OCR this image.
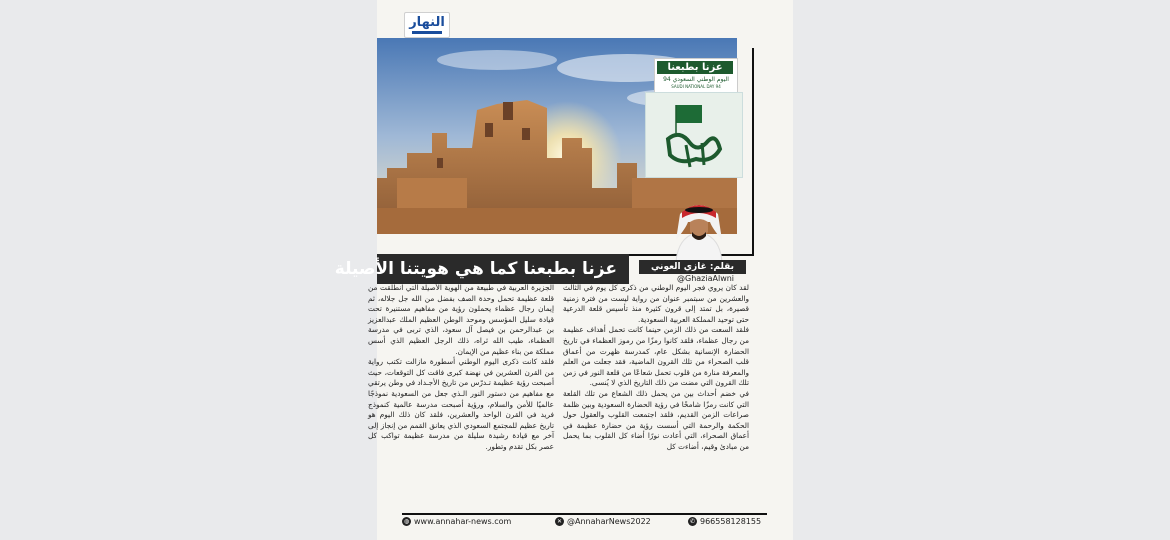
النهار
عزنا بطبعنا
اليوم الوطني السعودي 94
SAUDI NATIONAL DAY 94
عزنا بطبعنا كما هي هويتنا الأصيلة	بقلم: غازي العوني
@GhaziaAlwni

لقد كان يروي فجر اليوم الوطني من ذكرى كل يوم في الثالث والعشرين من سبتمبر عنوان من رواية ليست من فترة زمنية قصيرة، بل تمتد إلى قرون كثيرة منذ تأسيس قلعة الدرعية حتى توحيد المملكة العربية السعودية.

فلقد السعت من ذلك الزمن حينما كانت تحمل أهداف عظيمة من رجال عظماء، فلقد كانوا رمزًا من رموز العظماء في تاريخ الحضارة الإنسانية بشكل عام، كمدرسة ظهرت من أعماق قلب الصحراء من تلك القرون الماضية، فقد جعلت من العلم والمعرفة منارة من قلوب تحمل شعاعًا من قلعة النور في زمن تلك القرون التي مضت من ذلك التاريخ الذي لا يُنسى.

في خضم أحداث بين من يحمل ذلك الشعاع من تلك القلعة التي كانت رمزًا شامخًا في رؤية الحضارة السعودية وبين ظلمة صراعات الزمن القديم، فلقد اجتمعت القلوب والعقول حول الحكمة والرحمة التي أسست رؤية من حضارة عظيمة في أعماق الصحراء، التي أعادت نورًا أضاء كل القلوب بما يحمل من مبادئ وقيم، أضاءت كل

الجزيرة العربية في طبيعة من الهوية الأصيلة التي انطلقت من قلعة عظيمة تحمل وحدة الصف بفضل من الله جل جلاله، ثم إيمان رجال عظماء يحملون رؤية من مفاهيم مستنيرة تحت قيادة سليل المؤسس وموحد الوطن العظيم الملك عبدالعزيز بن عبدالرحمن بن فيصل آل سعود، الذي تربى في مدرسة العظماء، طيب الله ثراه، ذلك الرجل العظيم الذي أسس مملكة من بناء عظيم من الإيمان.

فلقد كانت ذكرى اليوم الوطني أسطورة مازالت تكتب رواية من القرن العشرين في نهضة كبرى فاقت كل التوقعات، حيث أصبحت رؤية عظيمة تـدرّس من تاريخ الأجـداد في وطن يرتقي مع مفاهيم من دستور النور الـذي جعل من السعودية نموذجًا عالميًا للأمن والسلام، ورؤية أصبحت مدرسة عالمية كنموذج فريد في القرن الواحد والعشرين، فلقد كان ذلك اليوم هو تاريخ عظيم للمجتمع السعودي الذي يعانق القمم من إنجاز إلى آخر مع قيادة رشيدة سليلة من مدرسة عظيمة تواكب كل عصر بكل تقدم وتطور.

◍ www.annahar-news.com	✕ @AnnaharNews2022	✆ 966558128155
